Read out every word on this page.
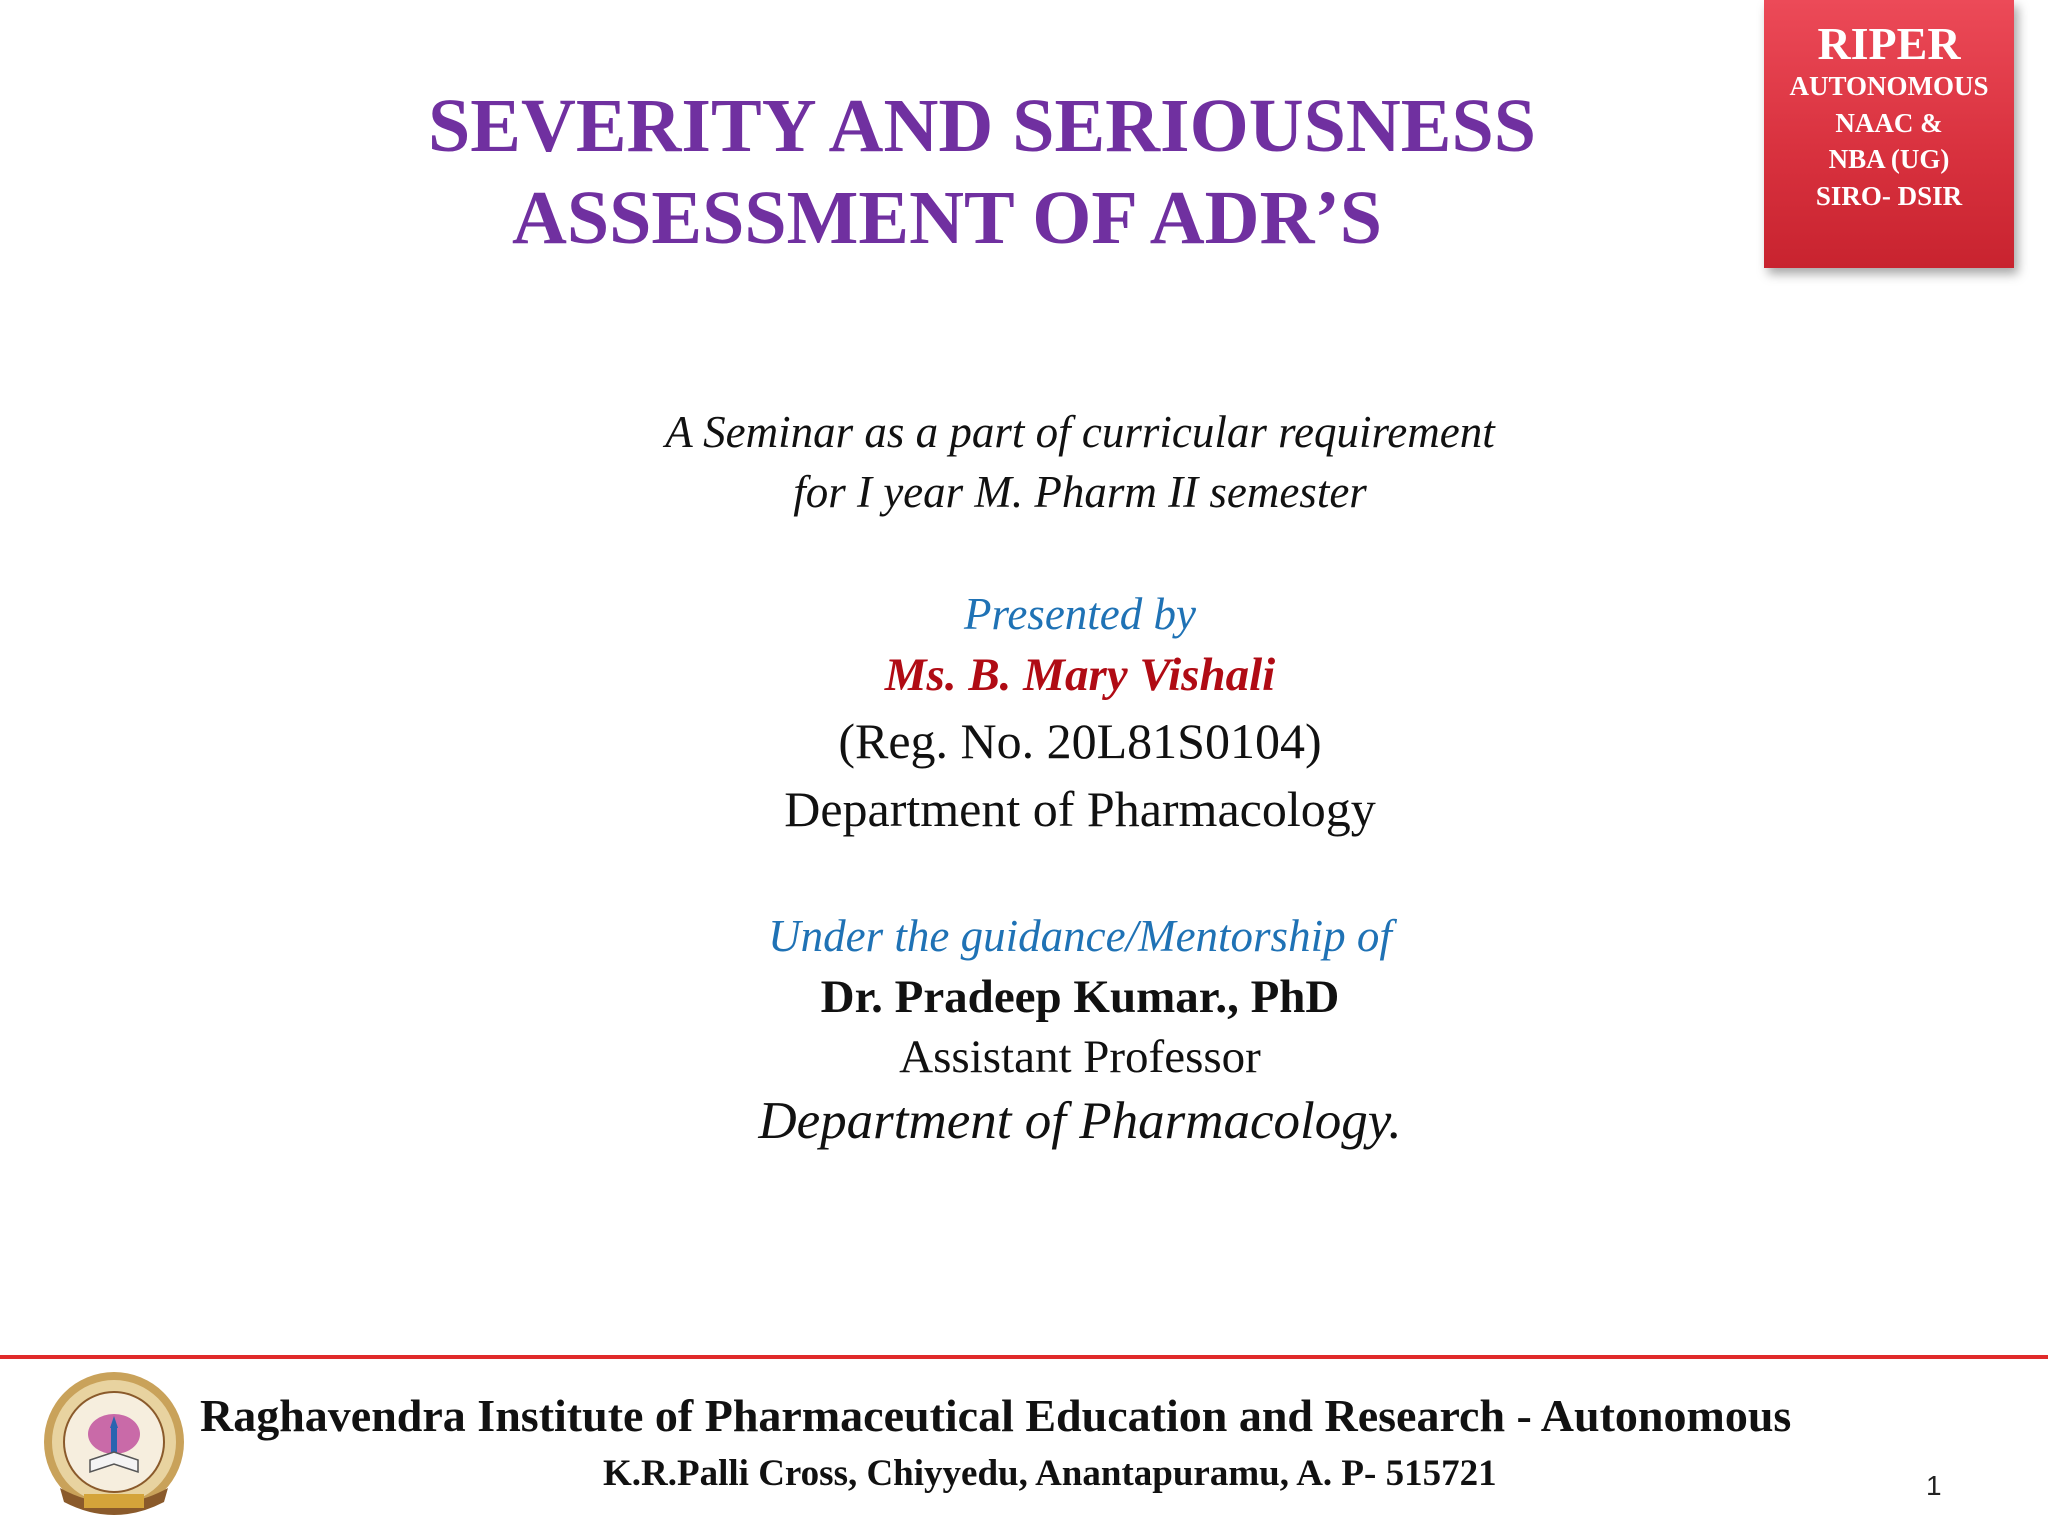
SEVERITY AND SERIOUSNESS
ASSESSMENT OF ADR’S
RIPER
AUTONOMOUS
NAAC &
NBA (UG)
SIRO- DSIR

A Seminar as a part of curricular requirement

for I year M. Pharm II semester

Presented by

Ms. B. Mary Vishali

(Reg. No. 20L81S0104)

Department of Pharmacology

Under the guidance/Mentorship of

Dr. Pradeep Kumar., PhD

Assistant Professor

Department of Pharmacology.

Raghavendra Institute of Pharmaceutical Education and Research - Autonomous
K.R.Palli Cross, Chiyyedu, Anantapuramu, A. P- 515721	1
